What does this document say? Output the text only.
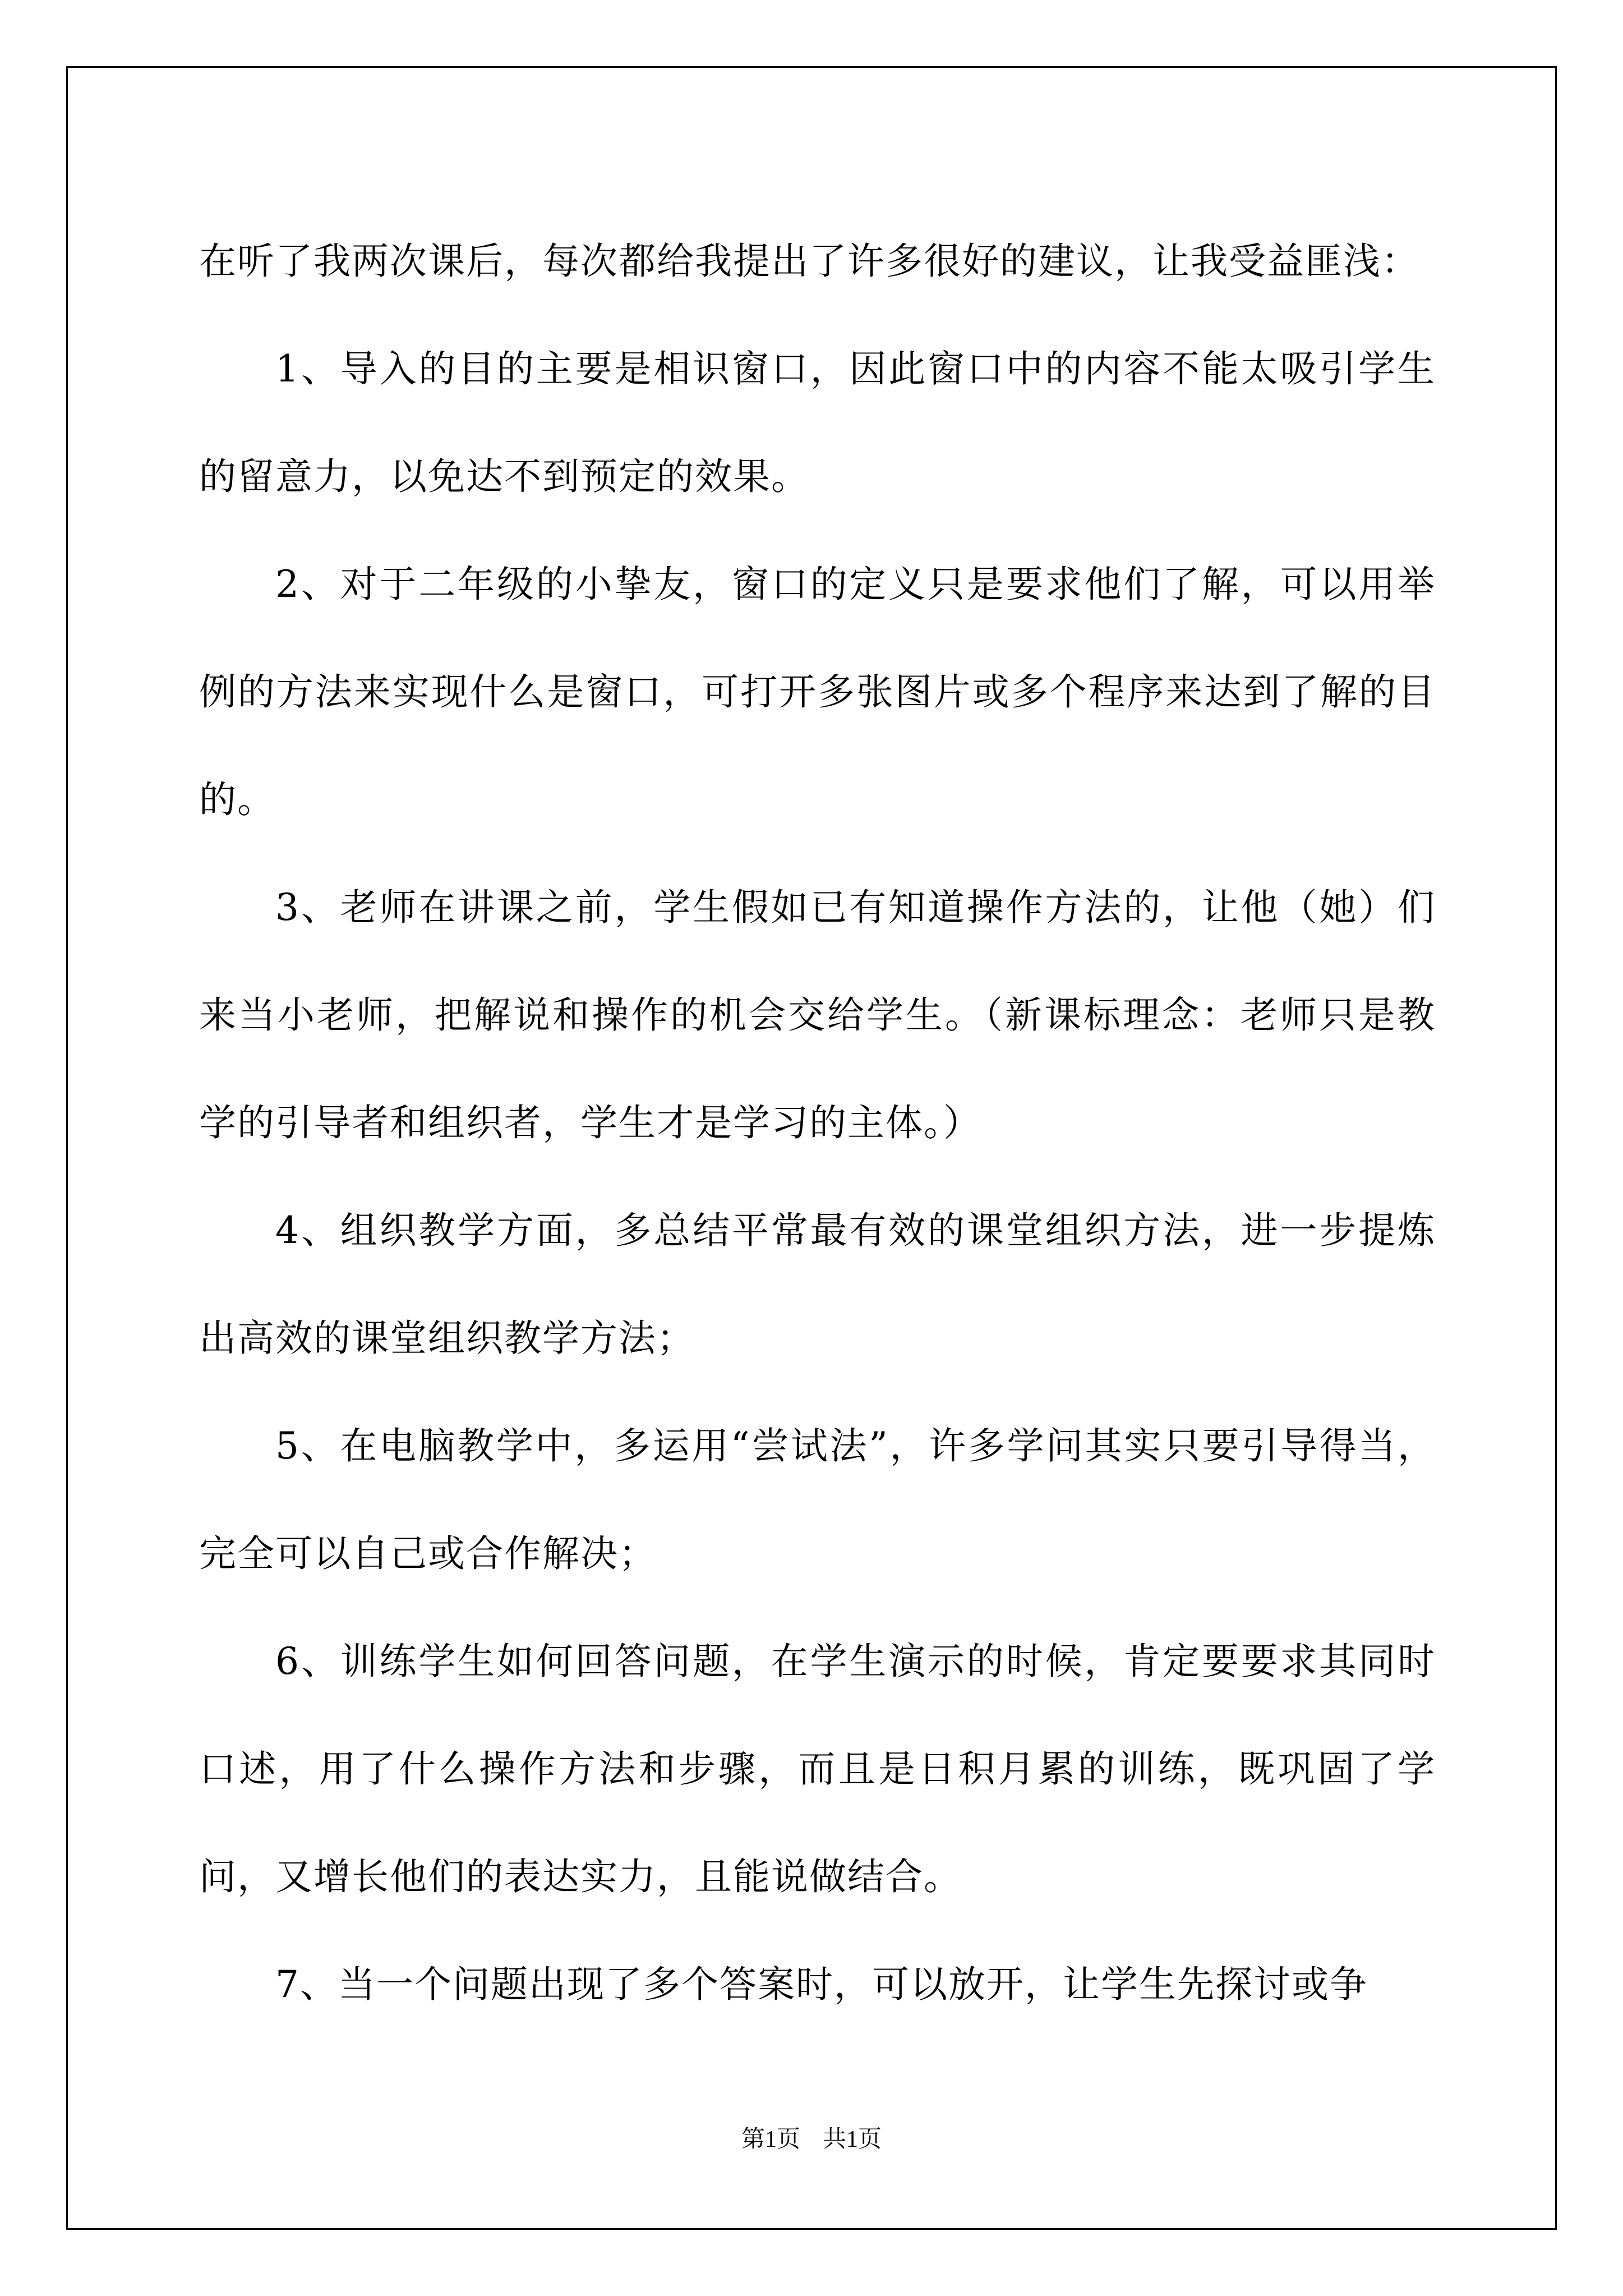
在听了我两次课后，每次都给我提出了许多很好的建议，让我受益匪浅：

1、导入的目的主要是相识窗口，因此窗口中的内容不能太吸引学生的留意力，以免达不到预定的效果。

2、对于二年级的小挚友，窗口的定义只是要求他们了解，可以用举例的方法来实现什么是窗口，可打开多张图片或多个程序来达到了解的目的。

3、老师在讲课之前，学生假如已有知道操作方法的，让他（她）们来当小老师，把解说和操作的机会交给学生。（新课标理念：老师只是教学的引导者和组织者，学生才是学习的主体。）

4、组织教学方面，多总结平常最有效的课堂组织方法，进一步提炼出高效的课堂组织教学方法；

5、在电脑教学中，多运用“尝试法”，许多学问其实只要引导得当，完全可以自己或合作解决；

6、训练学生如何回答问题，在学生演示的时候，肯定要要求其同时口述，用了什么操作方法和步骤，而且是日积月累的训练，既巩固了学问，又增长他们的表达实力，且能说做结合。

7、当一个问题出现了多个答案时，可以放开，让学生先探讨或争

第1页 共1页
